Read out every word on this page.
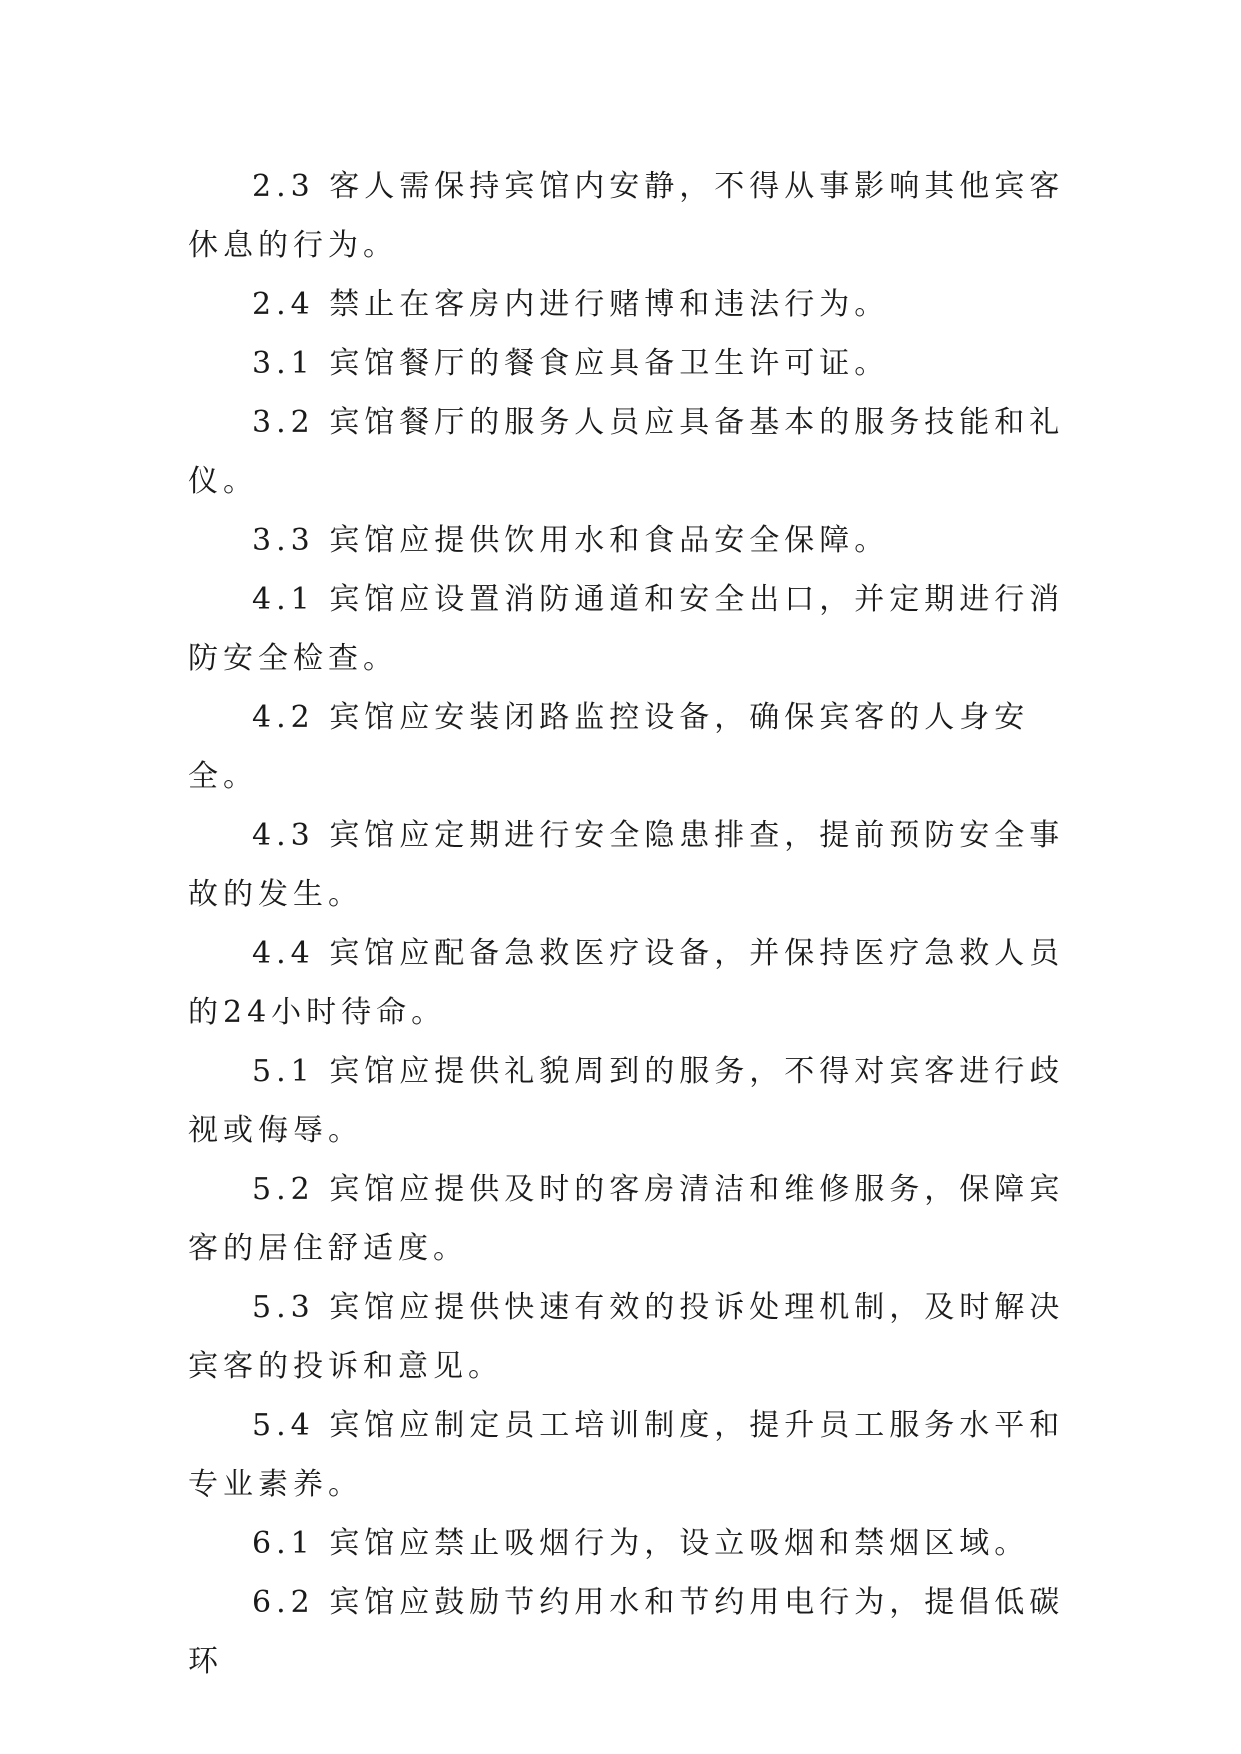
2.3 客人需保持宾馆内安静，不得从事影响其他宾客休息的行为。

2.4 禁止在客房内进行赌博和违法行为。

3.1 宾馆餐厅的餐食应具备卫生许可证。

3.2 宾馆餐厅的服务人员应具备基本的服务技能和礼仪。

3.3 宾馆应提供饮用水和食品安全保障。

4.1 宾馆应设置消防通道和安全出口，并定期进行消防安全检查。

4.2 宾馆应安装闭路监控设备，确保宾客的人身安全。

4.3 宾馆应定期进行安全隐患排查，提前预防安全事故的发生。

4.4 宾馆应配备急救医疗设备，并保持医疗急救人员的24小时待命。

5.1 宾馆应提供礼貌周到的服务，不得对宾客进行歧视或侮辱。

5.2 宾馆应提供及时的客房清洁和维修服务，保障宾客的居住舒适度。

5.3 宾馆应提供快速有效的投诉处理机制，及时解决宾客的投诉和意见。

5.4 宾馆应制定员工培训制度，提升员工服务水平和专业素养。

6.1 宾馆应禁止吸烟行为，设立吸烟和禁烟区域。

6.2 宾馆应鼓励节约用水和节约用电行为，提倡低碳环
